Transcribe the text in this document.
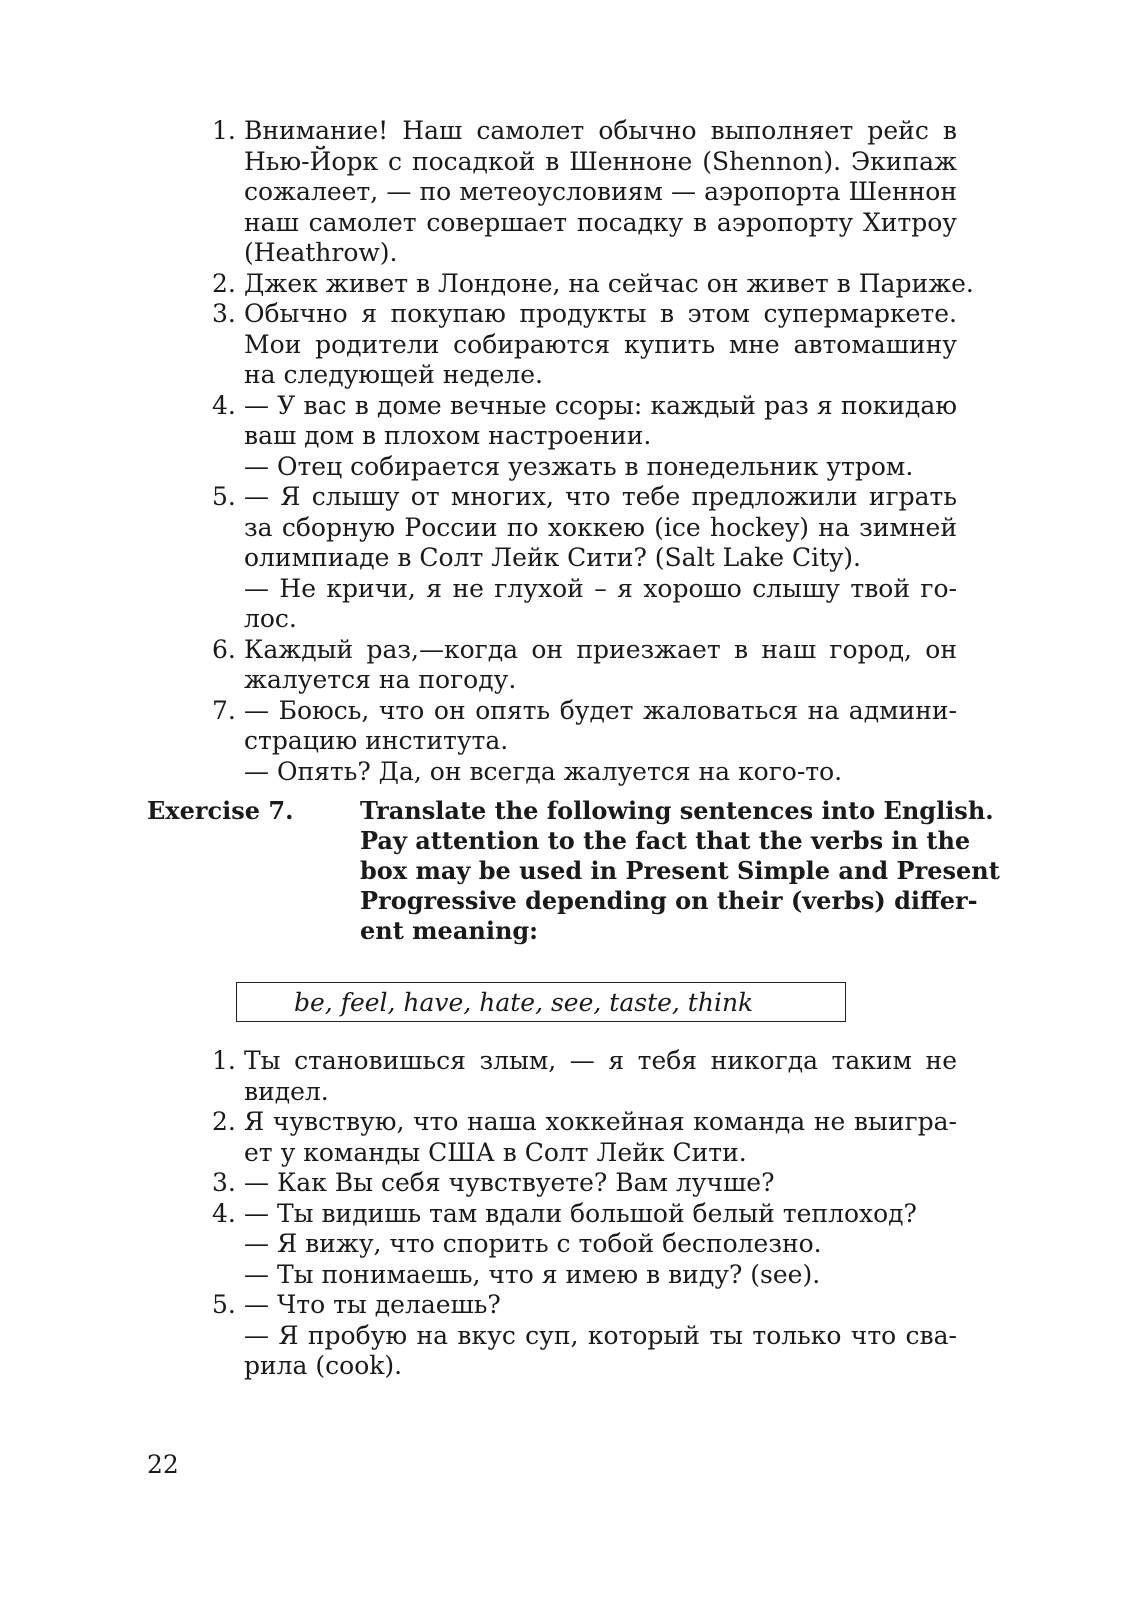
1. Внимание! Наш самолет обычно выполняет рейс в
Нью-Йорк с посадкой в Шенноне (Shennon). Экипаж
сожалеет, — по метеоусловиям — аэропорта Шеннон
наш самолет совершает посадку в аэропорту Хитроу
(Heathrow).
2. Джек живет в Лондоне, на сейчас он живет в Париже.
3. Обычно я покупаю продукты в этом супермаркете.
Мои родители собираются купить мне автомашину
на следующей неделе.
4. — У вас в доме вечные ссоры: каждый раз я покидаю
ваш дом в плохом настроении.
— Отец собирается уезжать в понедельник утром.
5. — Я слышу от многих, что тебе предложили играть
за сборную России по хоккею (ice hockey) на зимней
олимпиаде в Солт Лейк Сити? (Salt Lake City).
— Не кричи, я не глухой – я хорошо слышу твой го-
лос.
6. Каждый раз,—когда он приезжает в наш город, он
жалуется на погоду.
7. — Боюсь, что он опять будет жаловаться на админи-
страцию института.
— Опять? Да, он всегда жалуется на кого-то.
Exercise 7.	Translate the following sentences into English.
Pay attention to the fact that the verbs in the
box may be used in Present Simple and Present
Progressive depending on their (verbs) differ-
ent meaning:
be, feel, have, hate, see, taste, think
1. Ты становишься злым, — я тебя никогда таким не
видел.
2. Я чувствую, что наша хоккейная команда не выигра-
ет у команды США в Солт Лейк Сити.
3. — Как Вы себя чувствуете? Вам лучше?
4. — Ты видишь там вдали большой белый теплоход?
— Я вижу, что спорить с тобой бесполезно.
— Ты понимаешь, что я имею в виду? (see).
5. — Что ты делаешь?
— Я пробую на вкус суп, который ты только что сва-
рила (cook).
22
